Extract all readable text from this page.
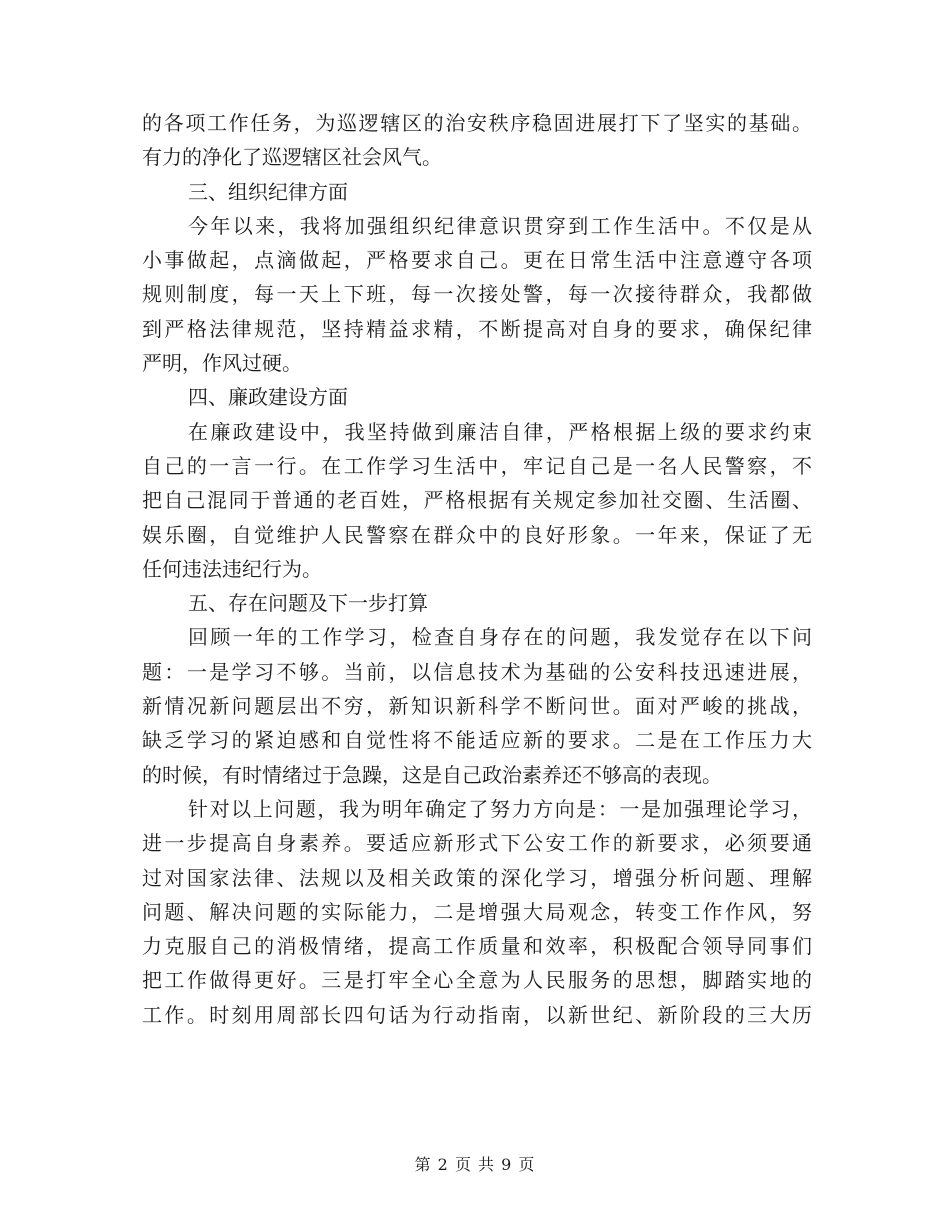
的各项工作任务，为巡逻辖区的治安秩序稳固进展打下了坚实的基础。
有力的净化了巡逻辖区社会风气。
三、组织纪律方面
今年以来，我将加强组织纪律意识贯穿到工作生活中。不仅是从
小事做起，点滴做起，严格要求自己。更在日常生活中注意遵守各项
规则制度，每一天上下班，每一次接处警，每一次接待群众，我都做
到严格法律规范，坚持精益求精，不断提高对自身的要求，确保纪律
严明，作风过硬。
四、廉政建设方面
在廉政建设中，我坚持做到廉洁自律，严格根据上级的要求约束
自己的一言一行。在工作学习生活中，牢记自己是一名人民警察，不
把自己混同于普通的老百姓，严格根据有关规定参加社交圈、生活圈、
娱乐圈，自觉维护人民警察在群众中的良好形象。一年来，保证了无
任何违法违纪行为。
五、存在问题及下一步打算
回顾一年的工作学习，检查自身存在的问题，我发觉存在以下问
题：一是学习不够。当前，以信息技术为基础的公安科技迅速进展，
新情况新问题层出不穷，新知识新科学不断问世。面对严峻的挑战，
缺乏学习的紧迫感和自觉性将不能适应新的要求。二是在工作压力大
的时候，有时情绪过于急躁，这是自己政治素养还不够高的表现。
针对以上问题，我为明年确定了努力方向是：一是加强理论学习，
进一步提高自身素养。要适应新形式下公安工作的新要求，必须要通
过对国家法律、法规以及相关政策的深化学习，增强分析问题、理解
问题、解决问题的实际能力，二是增强大局观念，转变工作作风，努
力克服自己的消极情绪，提高工作质量和效率，积极配合领导同事们
把工作做得更好。三是打牢全心全意为人民服务的思想，脚踏实地的
工作。时刻用周部长四句话为行动指南，以新世纪、新阶段的三大历
第 2 页 共 9 页
